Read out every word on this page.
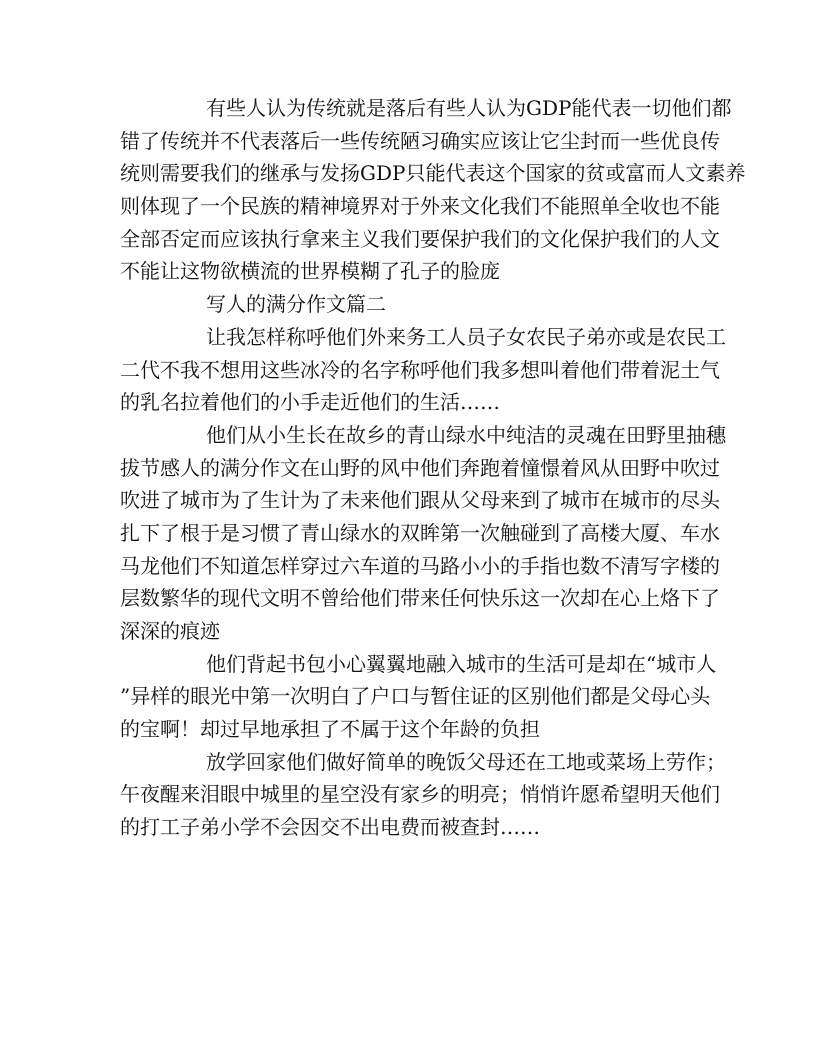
有些人认为传统就是落后有些人认为GDP能代表一切他们都
错了传统并不代表落后一些传统陋习确实应该让它尘封而一些优良传
统则需要我们的继承与发扬GDP只能代表这个国家的贫或富而人文素养
则体现了一个民族的精神境界对于外来文化我们不能照单全收也不能
全部否定而应该执行拿来主义我们要保护我们的文化保护我们的人文
不能让这物欲横流的世界模糊了孔子的脸庞
写人的满分作文篇二
让我怎样称呼他们外来务工人员子女农民子弟亦或是农民工
二代不我不想用这些冰冷的名字称呼他们我多想叫着他们带着泥土气
的乳名拉着他们的小手走近他们的生活……
他们从小生长在故乡的青山绿水中纯洁的灵魂在田野里抽穗
拔节感人的满分作文在山野的风中他们奔跑着憧憬着风从田野中吹过
吹进了城市为了生计为了未来他们跟从父母来到了城市在城市的尽头
扎下了根于是习惯了青山绿水的双眸第一次触碰到了高楼大厦、车水
马龙他们不知道怎样穿过六车道的马路小小的手指也数不清写字楼的
层数繁华的现代文明不曾给他们带来任何快乐这一次却在心上烙下了
深深的痕迹
他们背起书包小心翼翼地融入城市的生活可是却在“城市人
”异样的眼光中第一次明白了户口与暂住证的区别他们都是父母心头
的宝啊！却过早地承担了不属于这个年龄的负担
放学回家他们做好简单的晚饭父母还在工地或菜场上劳作；
午夜醒来泪眼中城里的星空没有家乡的明亮；悄悄许愿希望明天他们
的打工子弟小学不会因交不出电费而被查封……
